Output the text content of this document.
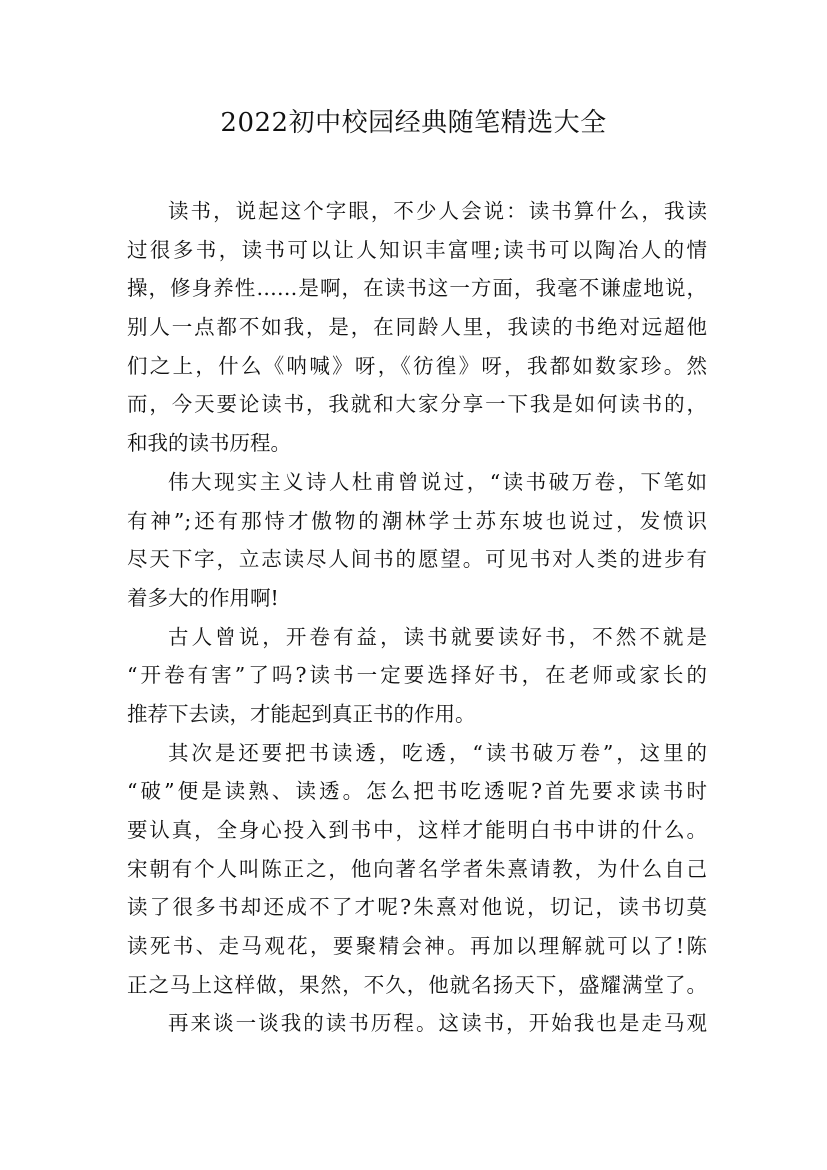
2022初中校园经典随笔精选大全
读书，说起这个字眼，不少人会说：读书算什么，我读
过很多书，读书可以让人知识丰富哩;读书可以陶冶人的情
操，修身养性……是啊，在读书这一方面，我毫不谦虚地说，
别人一点都不如我，是，在同龄人里，我读的书绝对远超他
们之上，什么《呐喊》呀，《彷徨》呀，我都如数家珍。然
而，今天要论读书，我就和大家分享一下我是如何读书的，
和我的读书历程。
伟大现实主义诗人杜甫曾说过，“读书破万卷，下笔如
有神”;还有那恃才傲物的潮林学士苏东坡也说过，发愤识
尽天下字，立志读尽人间书的愿望。可见书对人类的进步有
着多大的作用啊!
古人曾说，开卷有益，读书就要读好书，不然不就是
“开卷有害”了吗?读书一定要选择好书，在老师或家长的
推荐下去读，才能起到真正书的作用。
其次是还要把书读透，吃透，“读书破万卷”，这里的
“破”便是读熟、读透。怎么把书吃透呢?首先要求读书时
要认真，全身心投入到书中，这样才能明白书中讲的什么。
宋朝有个人叫陈正之，他向著名学者朱熹请教，为什么自己
读了很多书却还成不了才呢?朱熹对他说，切记，读书切莫
读死书、走马观花，要聚精会神。再加以理解就可以了!陈
正之马上这样做，果然，不久，他就名扬天下，盛耀满堂了。
再来谈一谈我的读书历程。这读书，开始我也是走马观
